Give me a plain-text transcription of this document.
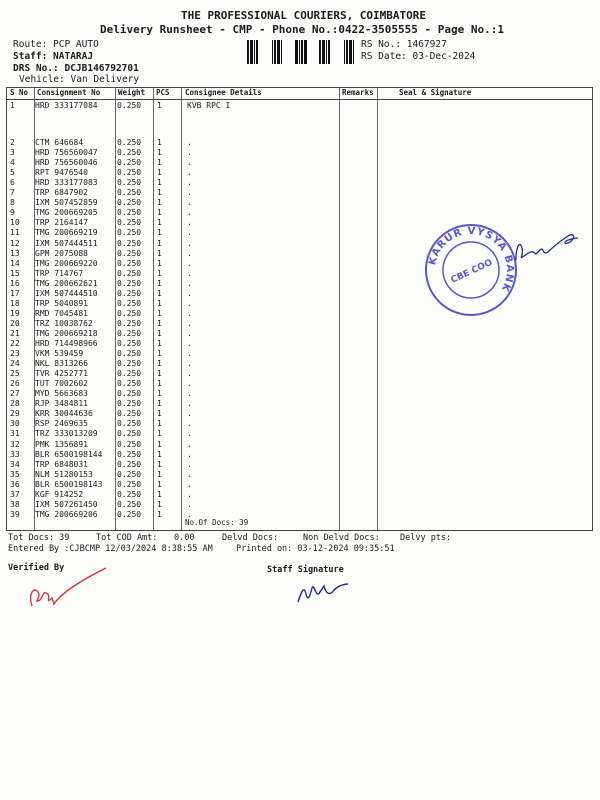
THE PROFESSIONAL COURIERS, COIMBATORE
Delivery Runsheet - CMP - Phone No.:0422-3505555 - Page No.:1
Route: PCP AUTO
Staff: NATARAJ
DRS No.: DCJB146792701
Vehicle: Van Delivery
RS No.: 1467927
RS Date: 03-Dec-2024
S No Consignment No Weight PCS Consignee Details	Remarks	Seal & Signature
1	HRD 333177084 0.250 1	KVB RPC I
2	CTM 646684	0.250 1	.
3	HRD 756560047 0.250 1	.
4	HRD 756560046 0.250 1	.
5	RPT 9476540	0.250 1	.
6	HRD 333177083 0.250 1	.
7	TRP 6847902	0.250 1	.
8	IXM 507452859 0.250 1	.
9	TMG 200669205 0.250 1	.
10 TRP 2164147	0.250 1	.
11 TMG 200669219 0.250 1	.
12 IXM 507444511 0.250 1	.
13 GPM 2075088	0.250 1	.
14 TMG 200669220 0.250 1	.
15 TRP 714767	0.250 1	.
16 TMG 200662621 0.250 1	.
17 IXM 507444510 0.250 1	.
18 TRP 5040891	0.250 1	.
19 RMD 7045481	0.250 1	.
20 TRZ 10038762	0.250 1	.
21 TMG 200669218 0.250 1	.
22 HRD 714498966 0.250 1	.
23 VKM 539459	0.250 1	.
24 NKL 8313266	0.250 1	.
25 TVR 4252771	0.250 1	.
26 TUT 7002602	0.250 1	.
27 MYD 5663683	0.250 1	.
28 RJP 3484811	0.250 1	.
29 KRR 30044636	0.250 1	.
30 RSP 2469635	0.250 1	.
31 TRZ 333013209 0.250 1	.
32 PMK 1356891	0.250 1	.
33 BLR 6500198144 0.250 1	.
34 TRP 6848031	0.250 1	.
35 NLM 51280153	0.250 1	.
36 BLR 6500198143 0.250 1	.
37 KGF 914252	0.250 1	.
38 IXM 507261450 0.250 1	.
39 TMG 200669206 0.250 1	.
No.Of Docs: 39
KARUR VYSYA BANK
CBE COO
Tot Docs: 39	Tot COD Amt: 0.00	Delvd Docs:	Non Delvd Docs: Delvy pts:
Entered By :CJBCMP 12/03/2024 8:38:55 AM	Printed on: 03-12-2024 09:35:51
Verified By	Staff Signature
